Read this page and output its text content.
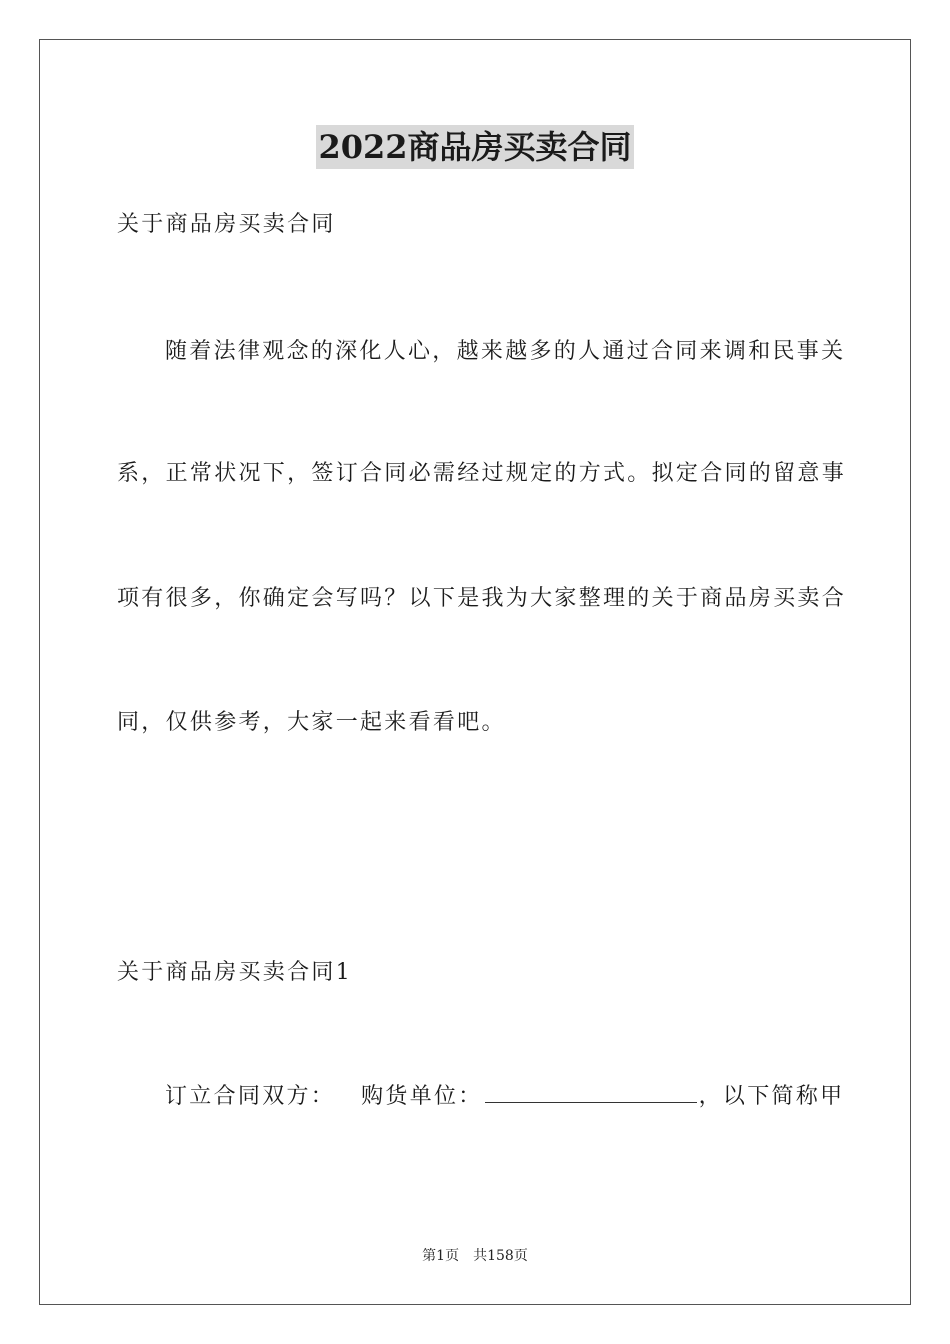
2022商品房买卖合同
关于商品房买卖合同
随着法律观念的深化人心，越来越多的人通过合同来调和民事关
系，正常状况下，签订合同必需经过规定的方式。拟定合同的留意事
项有很多，你确定会写吗？以下是我为大家整理的关于商品房买卖合
同，仅供参考，大家一起来看看吧。
关于商品房买卖合同1
订立合同双方： 购货单位：	，以下简称甲
第1页 共158页
